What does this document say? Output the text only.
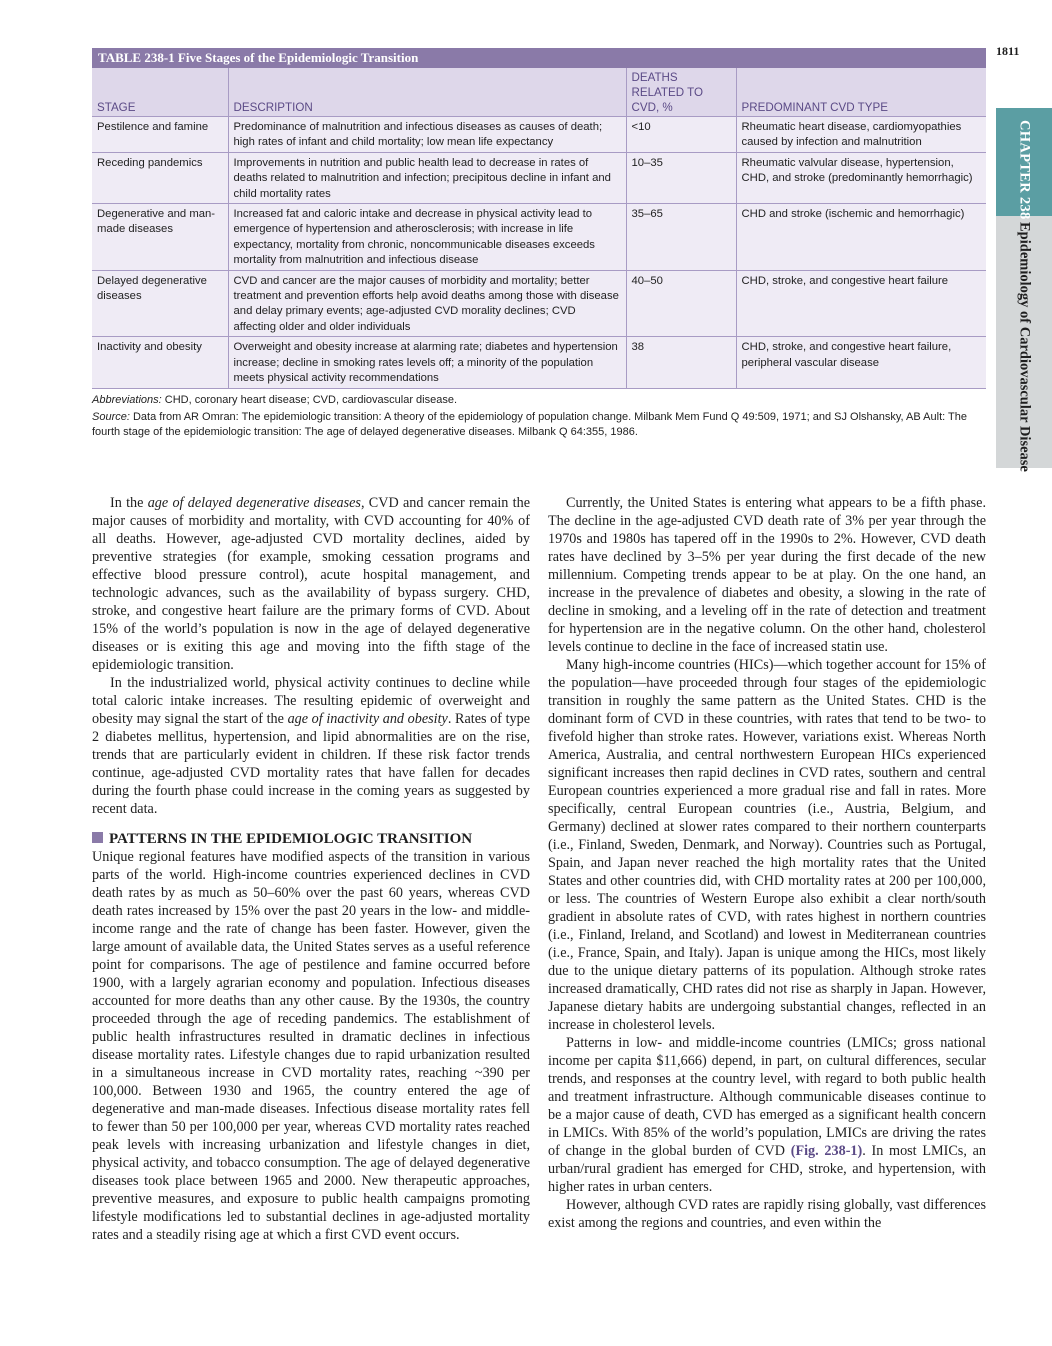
1811
CHAPTER 238Epidemiology of Cardiovascular Disease
TABLE 238-1 Five Stages of the Epidemiologic Transition
STAGE	DESCRIPTION	DEATHS RELATED TO CVD, %	PREDOMINANT CVD TYPE
Pestilence and famine	Predominance of malnutrition and infectious diseases as causes of death; high rates of infant and child mortality; low mean life expectancy	<10	Rheumatic heart disease, cardiomyopathies caused by infection and malnutrition
Receding pandemics	Improvements in nutrition and public health lead to decrease in rates of deaths related to malnutrition and infection; precipitous decline in infant and child mortality rates	10–35	Rheumatic valvular disease, hypertension, CHD, and stroke (predominantly hemorrhagic)
Degenerative and man-made diseases	Increased fat and caloric intake and decrease in physical activity lead to emergence of hypertension and atherosclerosis; with increase in life expectancy, mortality from chronic, noncommunicable diseases exceeds mortality from malnutrition and infectious disease	35–65	CHD and stroke (ischemic and hemorrhagic)
Delayed degenerative diseases	CVD and cancer are the major causes of morbidity and mortality; better treatment and prevention efforts help avoid deaths among those with disease and delay primary events; age-adjusted CVD morality declines; CVD affecting older and older individuals	40–50	CHD, stroke, and congestive heart failure
Inactivity and obesity	Overweight and obesity increase at alarming rate; diabetes and hypertension increase; decline in smoking rates levels off; a minority of the population meets physical activity recommendations	38	CHD, stroke, and congestive heart failure, peripheral vascular disease

Abbreviations: CHD, coronary heart disease; CVD, cardiovascular disease.

Source: Data from AR Omran: The epidemiologic transition: A theory of the epidemiology of population change. Milbank Mem Fund Q 49:509, 1971; and SJ Olshansky, AB Ault: The fourth stage of the epidemiologic transition: The age of delayed degenerative diseases. Milbank Q 64:355, 1986.

In the age of delayed degenerative diseases, CVD and cancer remain the major causes of morbidity and mortality, with CVD accounting for 40% of all deaths. However, age-adjusted CVD mortality declines, aided by preventive strategies (for example, smoking cessation programs and effective blood pressure control), acute hospital management, and technologic advances, such as the availability of bypass surgery. CHD, stroke, and congestive heart failure are the primary forms of CVD. About 15% of the world’s population is now in the age of delayed degenerative diseases or is exiting this age and moving into the fifth stage of the epidemiologic transition.

In the industrialized world, physical activity continues to decline while total caloric intake increases. The resulting epidemic of overweight and obesity may signal the start of the age of inactivity and obesity. Rates of type 2 diabetes mellitus, hypertension, and lipid abnormalities are on the rise, trends that are particularly evident in children. If these risk factor trends continue, age-adjusted CVD mortality rates that have fallen for decades during the fourth phase could increase in the coming years as suggested by recent data.

PATTERNS IN THE EPIDEMIOLOGIC TRANSITION

Unique regional features have modified aspects of the transition in various parts of the world. High-income countries experienced declines in CVD death rates by as much as 50–60% over the past 60 years, whereas CVD death rates increased by 15% over the past 20 years in the low- and middle-income range and the rate of change has been faster. However, given the large amount of available data, the United States serves as a useful reference point for comparisons. The age of pestilence and famine occurred before 1900, with a largely agrarian economy and population. Infectious diseases accounted for more deaths than any other cause. By the 1930s, the country proceeded through the age of receding pandemics. The establishment of public health infrastructures resulted in dramatic declines in infectious disease mortality rates. Lifestyle changes due to rapid urbanization resulted in a simultaneous increase in CVD mortality rates, reaching ~390 per 100,000. Between 1930 and 1965, the country entered the age of degenerative and man-made diseases. Infectious disease mortality rates fell to fewer than 50 per 100,000 per year, whereas CVD mortality rates reached peak levels with increasing urbanization and lifestyle changes in diet, physical activity, and tobacco consumption. The age of delayed degenerative diseases took place between 1965 and 2000. New therapeutic approaches, preventive measures, and exposure to public health campaigns promoting lifestyle modifications led to substantial declines in age-adjusted mortality rates and a steadily rising age at which a first CVD event occurs.

Currently, the United States is entering what appears to be a fifth phase. The decline in the age-adjusted CVD death rate of 3% per year through the 1970s and 1980s has tapered off in the 1990s to 2%. However, CVD death rates have declined by 3–5% per year during the first decade of the new millennium. Competing trends appear to be at play. On the one hand, an increase in the prevalence of diabetes and obesity, a slowing in the rate of decline in smoking, and a leveling off in the rate of detection and treatment for hypertension are in the negative column. On the other hand, cholesterol levels continue to decline in the face of increased statin use.

Many high-income countries (HICs)—which together account for 15% of the population—have proceeded through four stages of the epidemiologic transition in roughly the same pattern as the United States. CHD is the dominant form of CVD in these countries, with rates that tend to be two- to fivefold higher than stroke rates. However, variations exist. Whereas North America, Australia, and central northwestern European HICs experienced significant increases then rapid declines in CVD rates, southern and central European countries experienced a more gradual rise and fall in rates. More specifically, central European countries (i.e., Austria, Belgium, and Germany) declined at slower rates compared to their northern counterparts (i.e., Finland, Sweden, Denmark, and Norway). Countries such as Portugal, Spain, and Japan never reached the high mortality rates that the United States and other countries did, with CHD mortality rates at 200 per 100,000, or less. The countries of Western Europe also exhibit a clear north/south gradient in absolute rates of CVD, with rates highest in northern countries (i.e., Finland, Ireland, and Scotland) and lowest in Mediterranean countries (i.e., France, Spain, and Italy). Japan is unique among the HICs, most likely due to the unique dietary patterns of its population. Although stroke rates increased dramatically, CHD rates did not rise as sharply in Japan. However, Japanese dietary habits are undergoing substantial changes, reflected in an increase in cholesterol levels.

Patterns in low- and middle-income countries (LMICs; gross national income per capita $11,666) depend, in part, on cultural differences, secular trends, and responses at the country level, with regard to both public health and treatment infrastructure. Although communicable diseases continue to be a major cause of death, CVD has emerged as a significant health concern in LMICs. With 85% of the world’s population, LMICs are driving the rates of change in the global burden of CVD (Fig. 238-1). In most LMICs, an urban/rural gradient has emerged for CHD, stroke, and hypertension, with higher rates in urban centers.

However, although CVD rates are rapidly rising globally, vast differences exist among the regions and countries, and even within the
